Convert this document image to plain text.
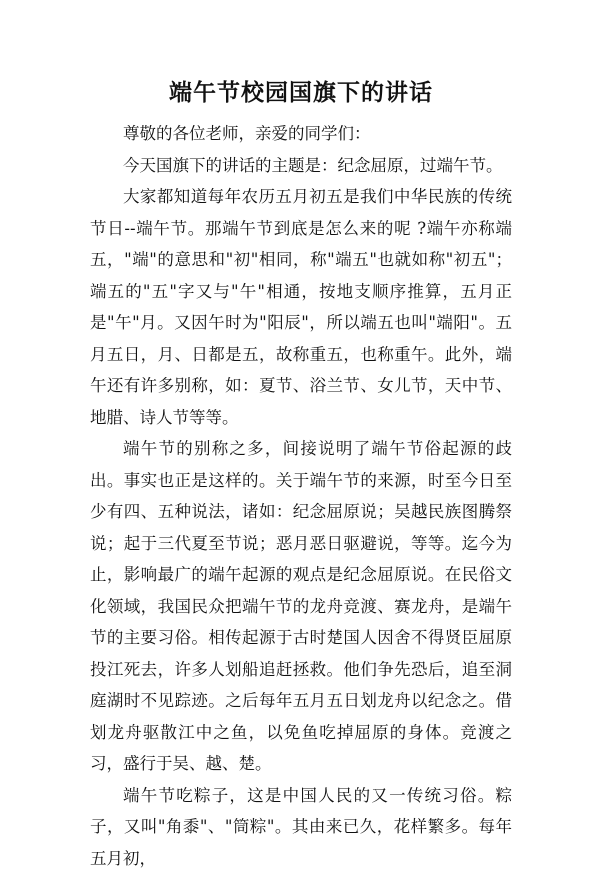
端午节校园国旗下的讲话

尊敬的各位老师，亲爱的同学们：

今天国旗下的讲话的主题是：纪念屈原，过端午节。

大家都知道每年农历五月初五是我们中华民族的传统节日--端午节。那端午节到底是怎么来的呢 ?端午亦称端五，"端"的意思和"初"相同，称"端五"也就如称"初五"；端五的"五"字又与"午"相通，按地支顺序推算，五月正是"午"月。又因午时为"阳辰"，所以端五也叫"端阳"。五月五日，月、日都是五，故称重五，也称重午。此外，端午还有许多别称，如：夏节、浴兰节、女儿节，天中节、地腊、诗人节等等。

端午节的别称之多，间接说明了端午节俗起源的歧出。事实也正是这样的。关于端午节的来源，时至今日至少有四、五种说法，诸如：纪念屈原说；吴越民族图腾祭说；起于三代夏至节说；恶月恶日驱避说，等等。迄今为止，影响最广的端午起源的观点是纪念屈原说。在民俗文化领域，我国民众把端午节的龙舟竞渡、赛龙舟，是端午节的主要习俗。相传起源于古时楚国人因舍不得贤臣屈原投江死去，许多人划船追赶拯救。他们争先恐后，追至洞庭湖时不见踪迹。之后每年五月五日划龙舟以纪念之。借划龙舟驱散江中之鱼，以免鱼吃掉屈原的身体。竞渡之习，盛行于吴、越、楚。

端午节吃粽子，这是中国人民的又一传统习俗。粽子，又叫"角黍"、"筒粽"。其由来已久，花样繁多。每年五月初，
